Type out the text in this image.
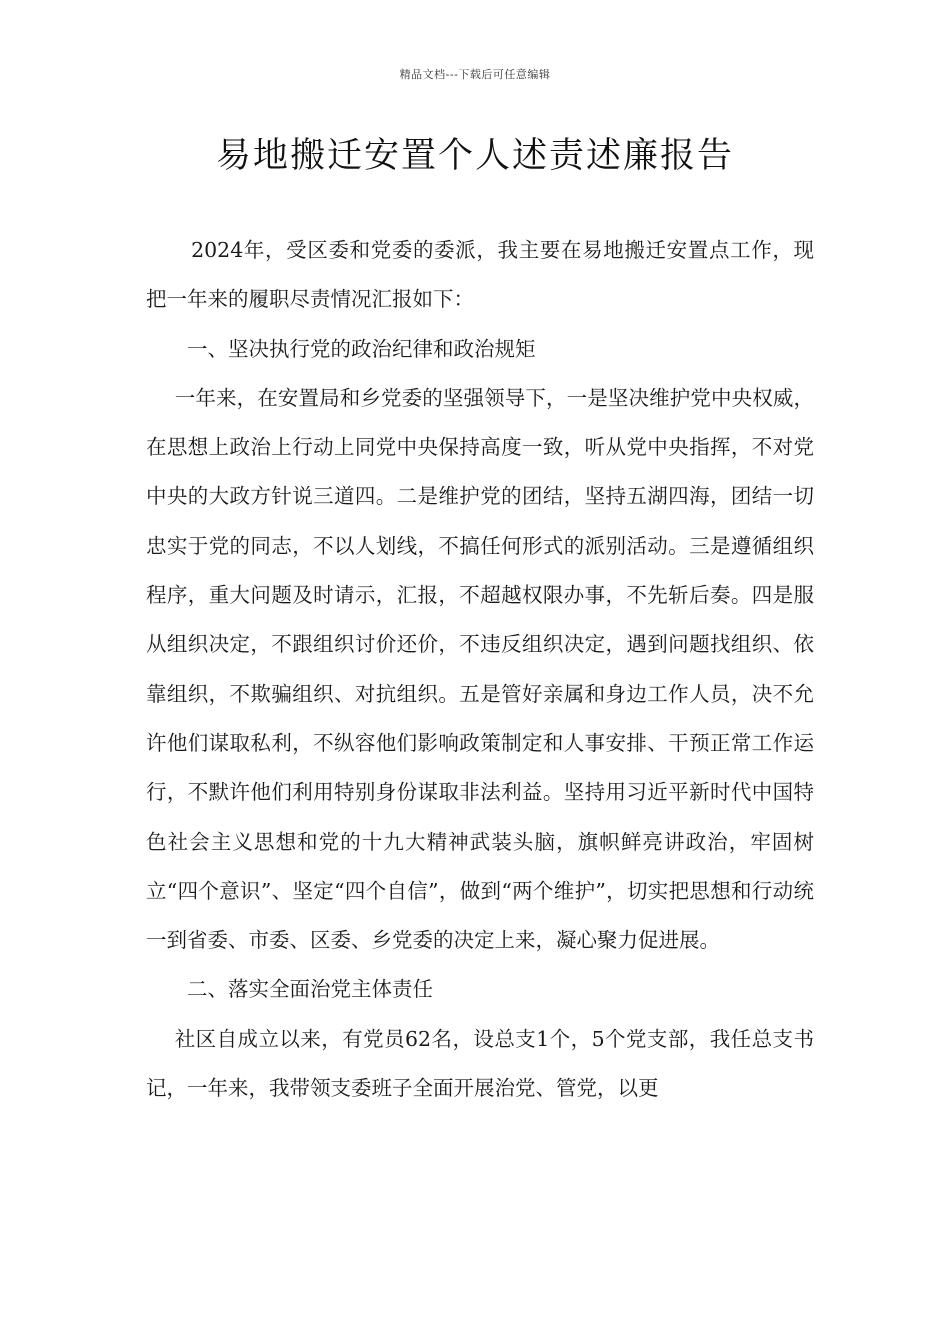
精品文档---下载后可任意编辑
易地搬迁安置个人述责述廉报告

2024年，受区委和党委的委派，我主要在易地搬迁安置点工作，现把一年来的履职尽责情况汇报如下：

一、坚决执行党的政治纪律和政治规矩

一年来，在安置局和乡党委的坚强领导下，一是坚决维护党中央权威，在思想上政治上行动上同党中央保持高度一致，听从党中央指挥，不对党中央的大政方针说三道四。二是维护党的团结，坚持五湖四海，团结一切忠实于党的同志，不以人划线，不搞任何形式的派别活动。三是遵循组织程序，重大问题及时请示，汇报，不超越权限办事，不先斩后奏。四是服从组织决定，不跟组织讨价还价，不违反组织决定，遇到问题找组织、依靠组织，不欺骗组织、对抗组织。五是管好亲属和身边工作人员，决不允许他们谋取私利，不纵容他们影响政策制定和人事安排、干预正常工作运行，不默许他们利用特别身份谋取非法利益。坚持用习近平新时代中国特色社会主义思想和党的十九大精神武装头脑，旗帜鲜亮讲政治，牢固树立“四个意识”、坚定“四个自信”，做到“两个维护”，切实把思想和行动统一到省委、市委、区委、乡党委的决定上来，凝心聚力促进展。

二、落实全面治党主体责任

社区自成立以来，有党员62名，设总支1个，5个党支部，我任总支书记，一年来，我带领支委班子全面开展治党、管党，以更
